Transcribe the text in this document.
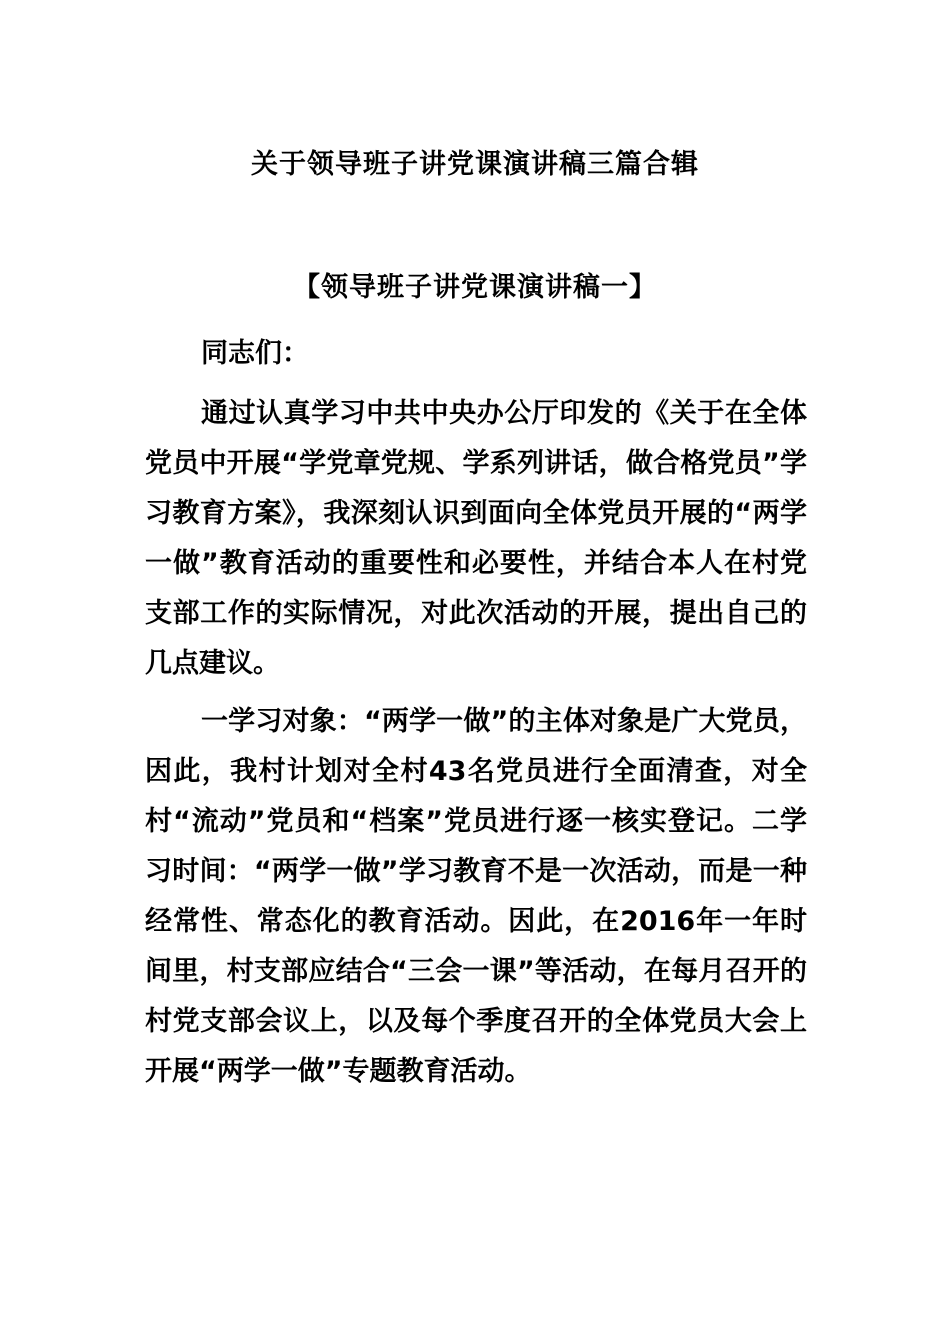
关于领导班子讲党课演讲稿三篇合辑
【领导班子讲党课演讲稿一】

同志们：

通过认真学习中共中央办公厅印发的《关于在全体党员中开展“学党章党规、学系列讲话，做合格党员”学习教育方案》，我深刻认识到面向全体党员开展的“两学一做”教育活动的重要性和必要性，并结合本人在村党支部工作的实际情况，对此次活动的开展，提出自己的几点建议。

一学习对象：“两学一做”的主体对象是广大党员，因此，我村计划对全村43名党员进行全面清查，对全村“流动”党员和“档案”党员进行逐一核实登记。二学习时间：“两学一做”学习教育不是一次活动，而是一种经常性、常态化的教育活动。因此，在2016年一年时间里，村支部应结合“三会一课”等活动，在每月召开的村党支部会议上，以及每个季度召开的全体党员大会上开展“两学一做”专题教育活动。
